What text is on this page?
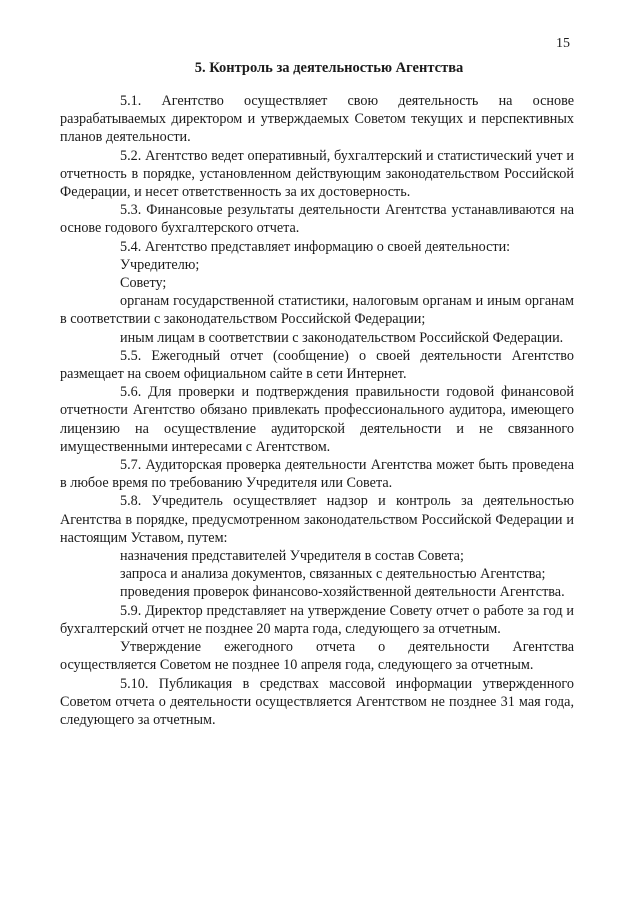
15
5. Контроль за деятельностью Агентства

5.1. Агентство осуществляет свою деятельность на основе разрабатываемых директором и утверждаемых Советом текущих и перспективных планов деятельности.

5.2. Агентство ведет оперативный, бухгалтерский и статистический учет и отчетность в порядке, установленном действующим законодательством Российской Федерации, и несет ответственность за их достоверность.

5.3. Финансовые результаты деятельности Агентства устанавливаются на основе годового бухгалтерского отчета.

5.4. Агентство представляет информацию о своей деятельности:

Учредителю;

Совету;

органам государственной статистики, налоговым органам и иным органам в соответствии с законодательством Российской Федерации;

иным лицам в соответствии с законодательством Российской Федерации.

5.5. Ежегодный отчет (сообщение) о своей деятельности Агентство размещает на своем официальном сайте в сети Интернет.

5.6. Для проверки и подтверждения правильности годовой финансовой отчетности Агентство обязано привлекать профессионального аудитора, имеющего лицензию на осуществление аудиторской деятельности и не связанного имущественными интересами с Агентством.

5.7. Аудиторская проверка деятельности Агентства может быть проведена в любое время по требованию Учредителя или Совета.

5.8. Учредитель осуществляет надзор и контроль за деятельностью Агентства в порядке, предусмотренном законодательством Российской Федерации и настоящим Уставом, путем:

назначения представителей Учредителя в состав Совета;

запроса и анализа документов, связанных с деятельностью Агентства;

проведения проверок финансово-хозяйственной деятельности Агентства.

5.9. Директор представляет на утверждение Совету отчет о работе за год и бухгалтерский отчет не позднее 20 марта года, следующего за отчетным.

Утверждение ежегодного отчета о деятельности Агентства осуществляется Советом не позднее 10 апреля года, следующего за отчетным.

5.10. Публикация в средствах массовой информации утвержденного Советом отчета о деятельности осуществляется Агентством не позднее 31 мая года, следующего за отчетным.
